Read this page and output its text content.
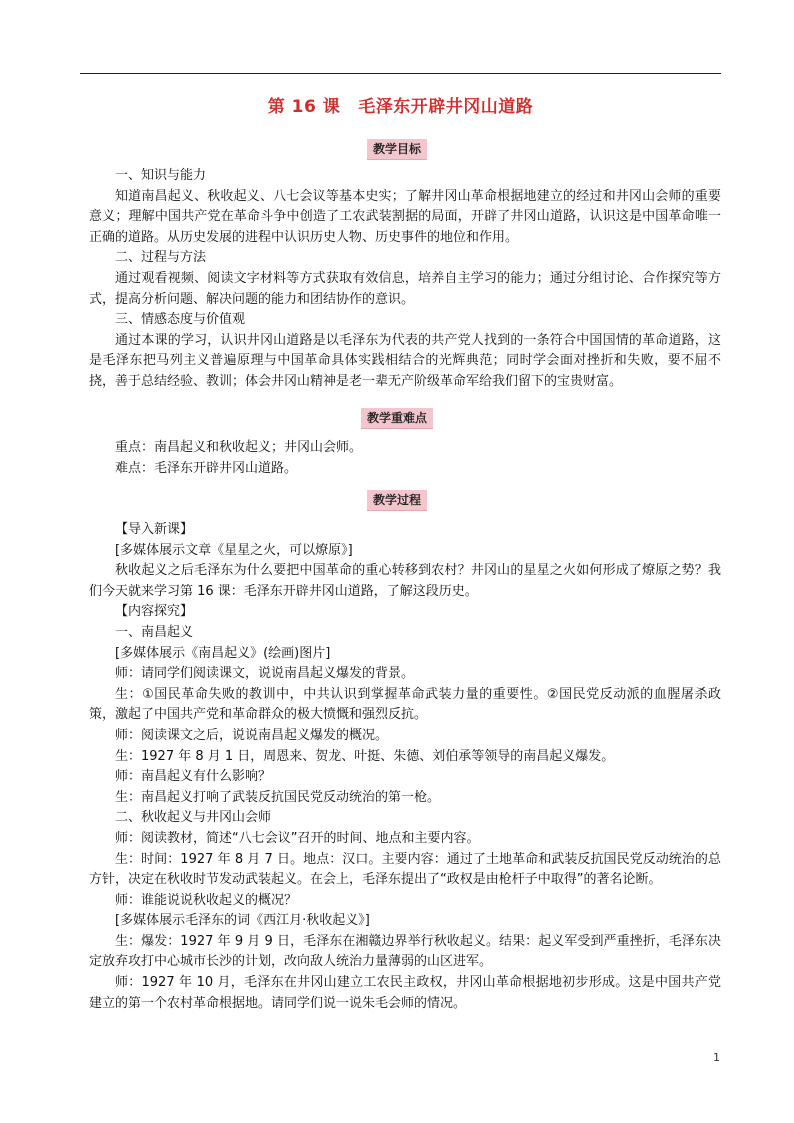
第 16 课 毛泽东开辟井冈山道路
教学目标

一、知识与能力

知道南昌起义、秋收起义、八七会议等基本史实；了解井冈山革命根据地建立的经过和井冈山会师的重要意义；理解中国共产党在革命斗争中创造了工农武装割据的局面，开辟了井冈山道路，认识这是中国革命唯一正确的道路。从历史发展的进程中认识历史人物、历史事件的地位和作用。

二、过程与方法

通过观看视频、阅读文字材料等方式获取有效信息，培养自主学习的能力；通过分组讨论、合作探究等方式，提高分析问题、解决问题的能力和团结协作的意识。

三、情感态度与价值观

通过本课的学习，认识井冈山道路是以毛泽东为代表的共产党人找到的一条符合中国国情的革命道路，这是毛泽东把马列主义普遍原理与中国革命具体实践相结合的光辉典范；同时学会面对挫折和失败，要不屈不挠，善于总结经验、教训；体会井冈山精神是老一辈无产阶级革命军给我们留下的宝贵财富。

教学重难点

重点：南昌起义和秋收起义；井冈山会师。

难点：毛泽东开辟井冈山道路。

教学过程

【导入新课】

[多媒体展示文章《星星之火，可以燎原》]

秋收起义之后毛泽东为什么要把中国革命的重心转移到农村？井冈山的星星之火如何形成了燎原之势？我们今天就来学习第 16 课：毛泽东开辟井冈山道路，了解这段历史。

【内容探究】

一、南昌起义

[多媒体展示《南昌起义》(绘画)图片]

师：请同学们阅读课文，说说南昌起义爆发的背景。

生：①国民革命失败的教训中，中共认识到掌握革命武装力量的重要性。②国民党反动派的血腥屠杀政策，激起了中国共产党和革命群众的极大愤慨和强烈反抗。

师：阅读课文之后，说说南昌起义爆发的概况。

生：1927 年 8 月 1 日，周恩来、贺龙、叶挺、朱德、刘伯承等领导的南昌起义爆发。

师：南昌起义有什么影响？

生：南昌起义打响了武装反抗国民党反动统治的第一枪。

二、秋收起义与井冈山会师

师：阅读教材，简述“八七会议”召开的时间、地点和主要内容。

生：时间：1927 年 8 月 7 日。地点：汉口。主要内容：通过了土地革命和武装反抗国民党反动统治的总方针，决定在秋收时节发动武装起义。在会上，毛泽东提出了“政权是由枪杆子中取得”的著名论断。

师：谁能说说秋收起义的概况？

[多媒体展示毛泽东的词《西江月·秋收起义》]

生：爆发：1927 年 9 月 9 日，毛泽东在湘赣边界举行秋收起义。结果：起义军受到严重挫折，毛泽东决定放弃攻打中心城市长沙的计划，改向敌人统治力量薄弱的山区进军。

师：1927 年 10 月，毛泽东在井冈山建立工农民主政权，井冈山革命根据地初步形成。这是中国共产党建立的第一个农村革命根据地。请同学们说一说朱毛会师的情况。

1
